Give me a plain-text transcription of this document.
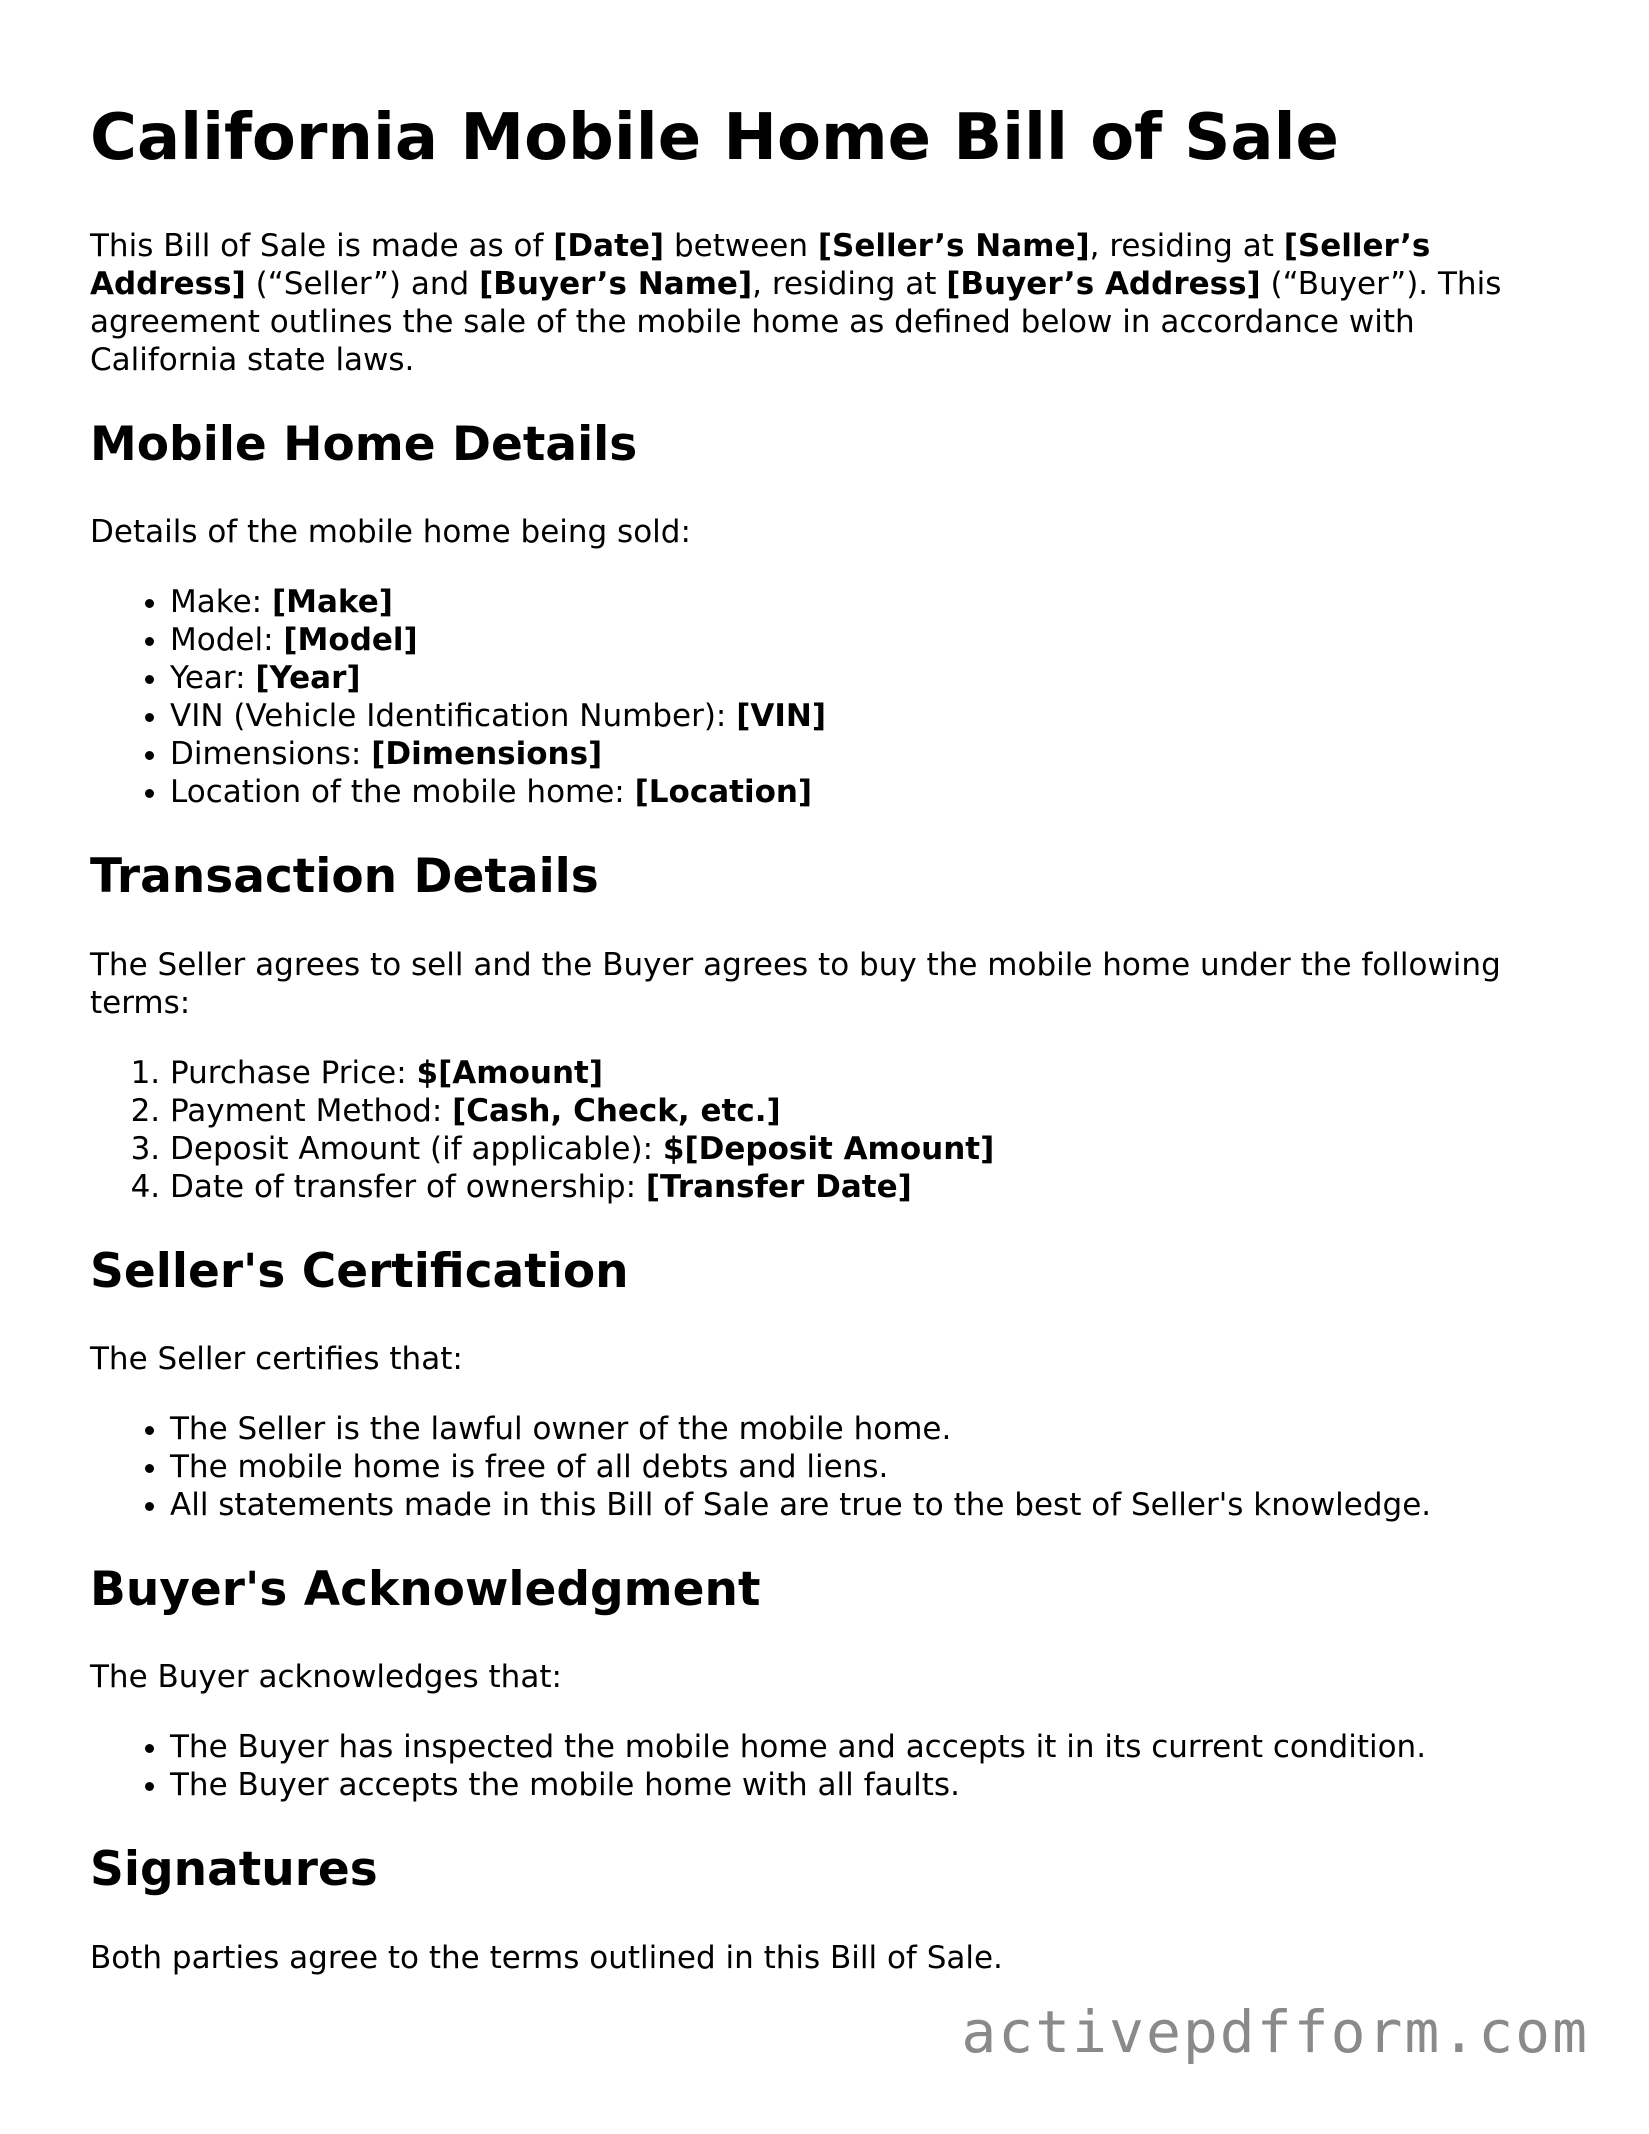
California Mobile Home Bill of Sale

This Bill of Sale is made as of [Date] between [Seller’s Name], residing at [Seller’s Address] (“Seller”) and [Buyer’s Name], residing at [Buyer’s Address] (“Buyer”). This agreement outlines the sale of the mobile home as defined below in accordance with California state laws.

Mobile Home Details

Details of the mobile home being sold:

• Make: [Make]
• Model: [Model]
• Year: [Year]
• VIN (Vehicle Identification Number): [VIN]
• Dimensions: [Dimensions]
• Location of the mobile home: [Location]
Transaction Details

The Seller agrees to sell and the Buyer agrees to buy the mobile home under the following terms:

1. Purchase Price: $[Amount]
2. Payment Method: [Cash, Check, etc.]
3. Deposit Amount (if applicable): $[Deposit Amount]
4. Date of transfer of ownership: [Transfer Date]
Seller's Certification

The Seller certifies that:

• The Seller is the lawful owner of the mobile home.
• The mobile home is free of all debts and liens.
• All statements made in this Bill of Sale are true to the best of Seller's knowledge.
Buyer's Acknowledgment

The Buyer acknowledges that:

• The Buyer has inspected the mobile home and accepts it in its current condition.
• The Buyer accepts the mobile home with all faults.
Signatures

Both parties agree to the terms outlined in this Bill of Sale.

activepdfform.com
